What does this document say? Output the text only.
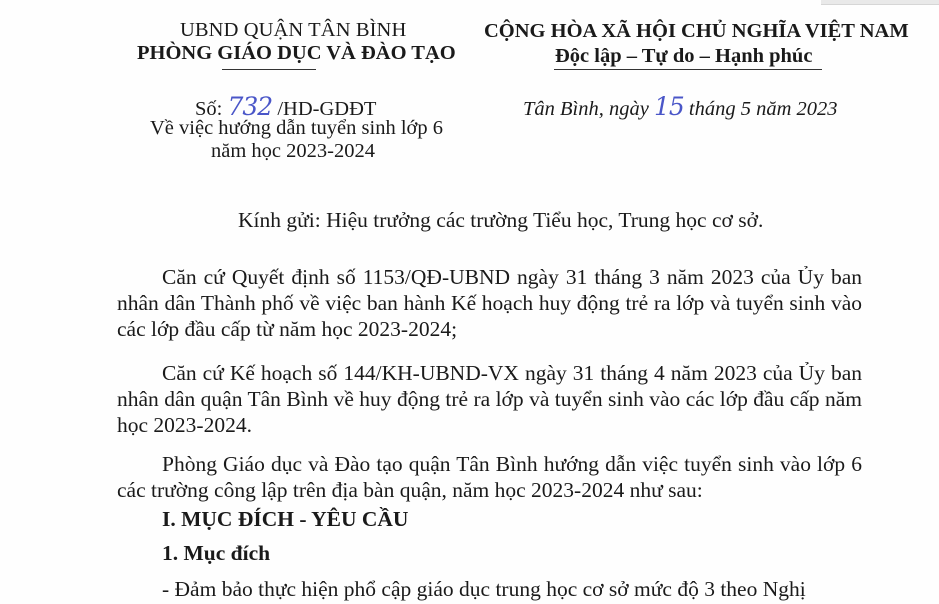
UBND QUẬN TÂN BÌNH
PHÒNG GIÁO DỤC VÀ ĐÀO TẠO
CỘNG HÒA XÃ HỘI CHỦ NGHĨA VIỆT NAM
Độc lập – Tự do – Hạnh phúc
Số: 732 /HD-GDĐT
Về việc hướng dẫn tuyển sinh lớp 6
năm học 2023-2024
Tân Bình, ngày 15 tháng 5 năm 2023
Kính gửi: Hiệu trưởng các trường Tiểu học, Trung học cơ sở.

Căn cứ Quyết định số 1153/QĐ-UBND ngày 31 tháng 3 năm 2023 của Ủy ban nhân dân Thành phố về việc ban hành Kế hoạch huy động trẻ ra lớp và tuyển sinh vào các lớp đầu cấp từ năm học 2023-2024;

Căn cứ Kế hoạch số 144/KH-UBND-VX ngày 31 tháng 4 năm 2023 của Ủy ban nhân dân quận Tân Bình về huy động trẻ ra lớp và tuyển sinh vào các lớp đầu cấp năm học 2023-2024.

Phòng Giáo dục và Đào tạo quận Tân Bình hướng dẫn việc tuyển sinh vào lớp 6 các trường công lập trên địa bàn quận, năm học 2023-2024 như sau:

I. MỤC ĐÍCH - YÊU CẦU
1. Mục đích
- Đảm bảo thực hiện phổ cập giáo dục trung học cơ sở mức độ 3 theo Nghị
